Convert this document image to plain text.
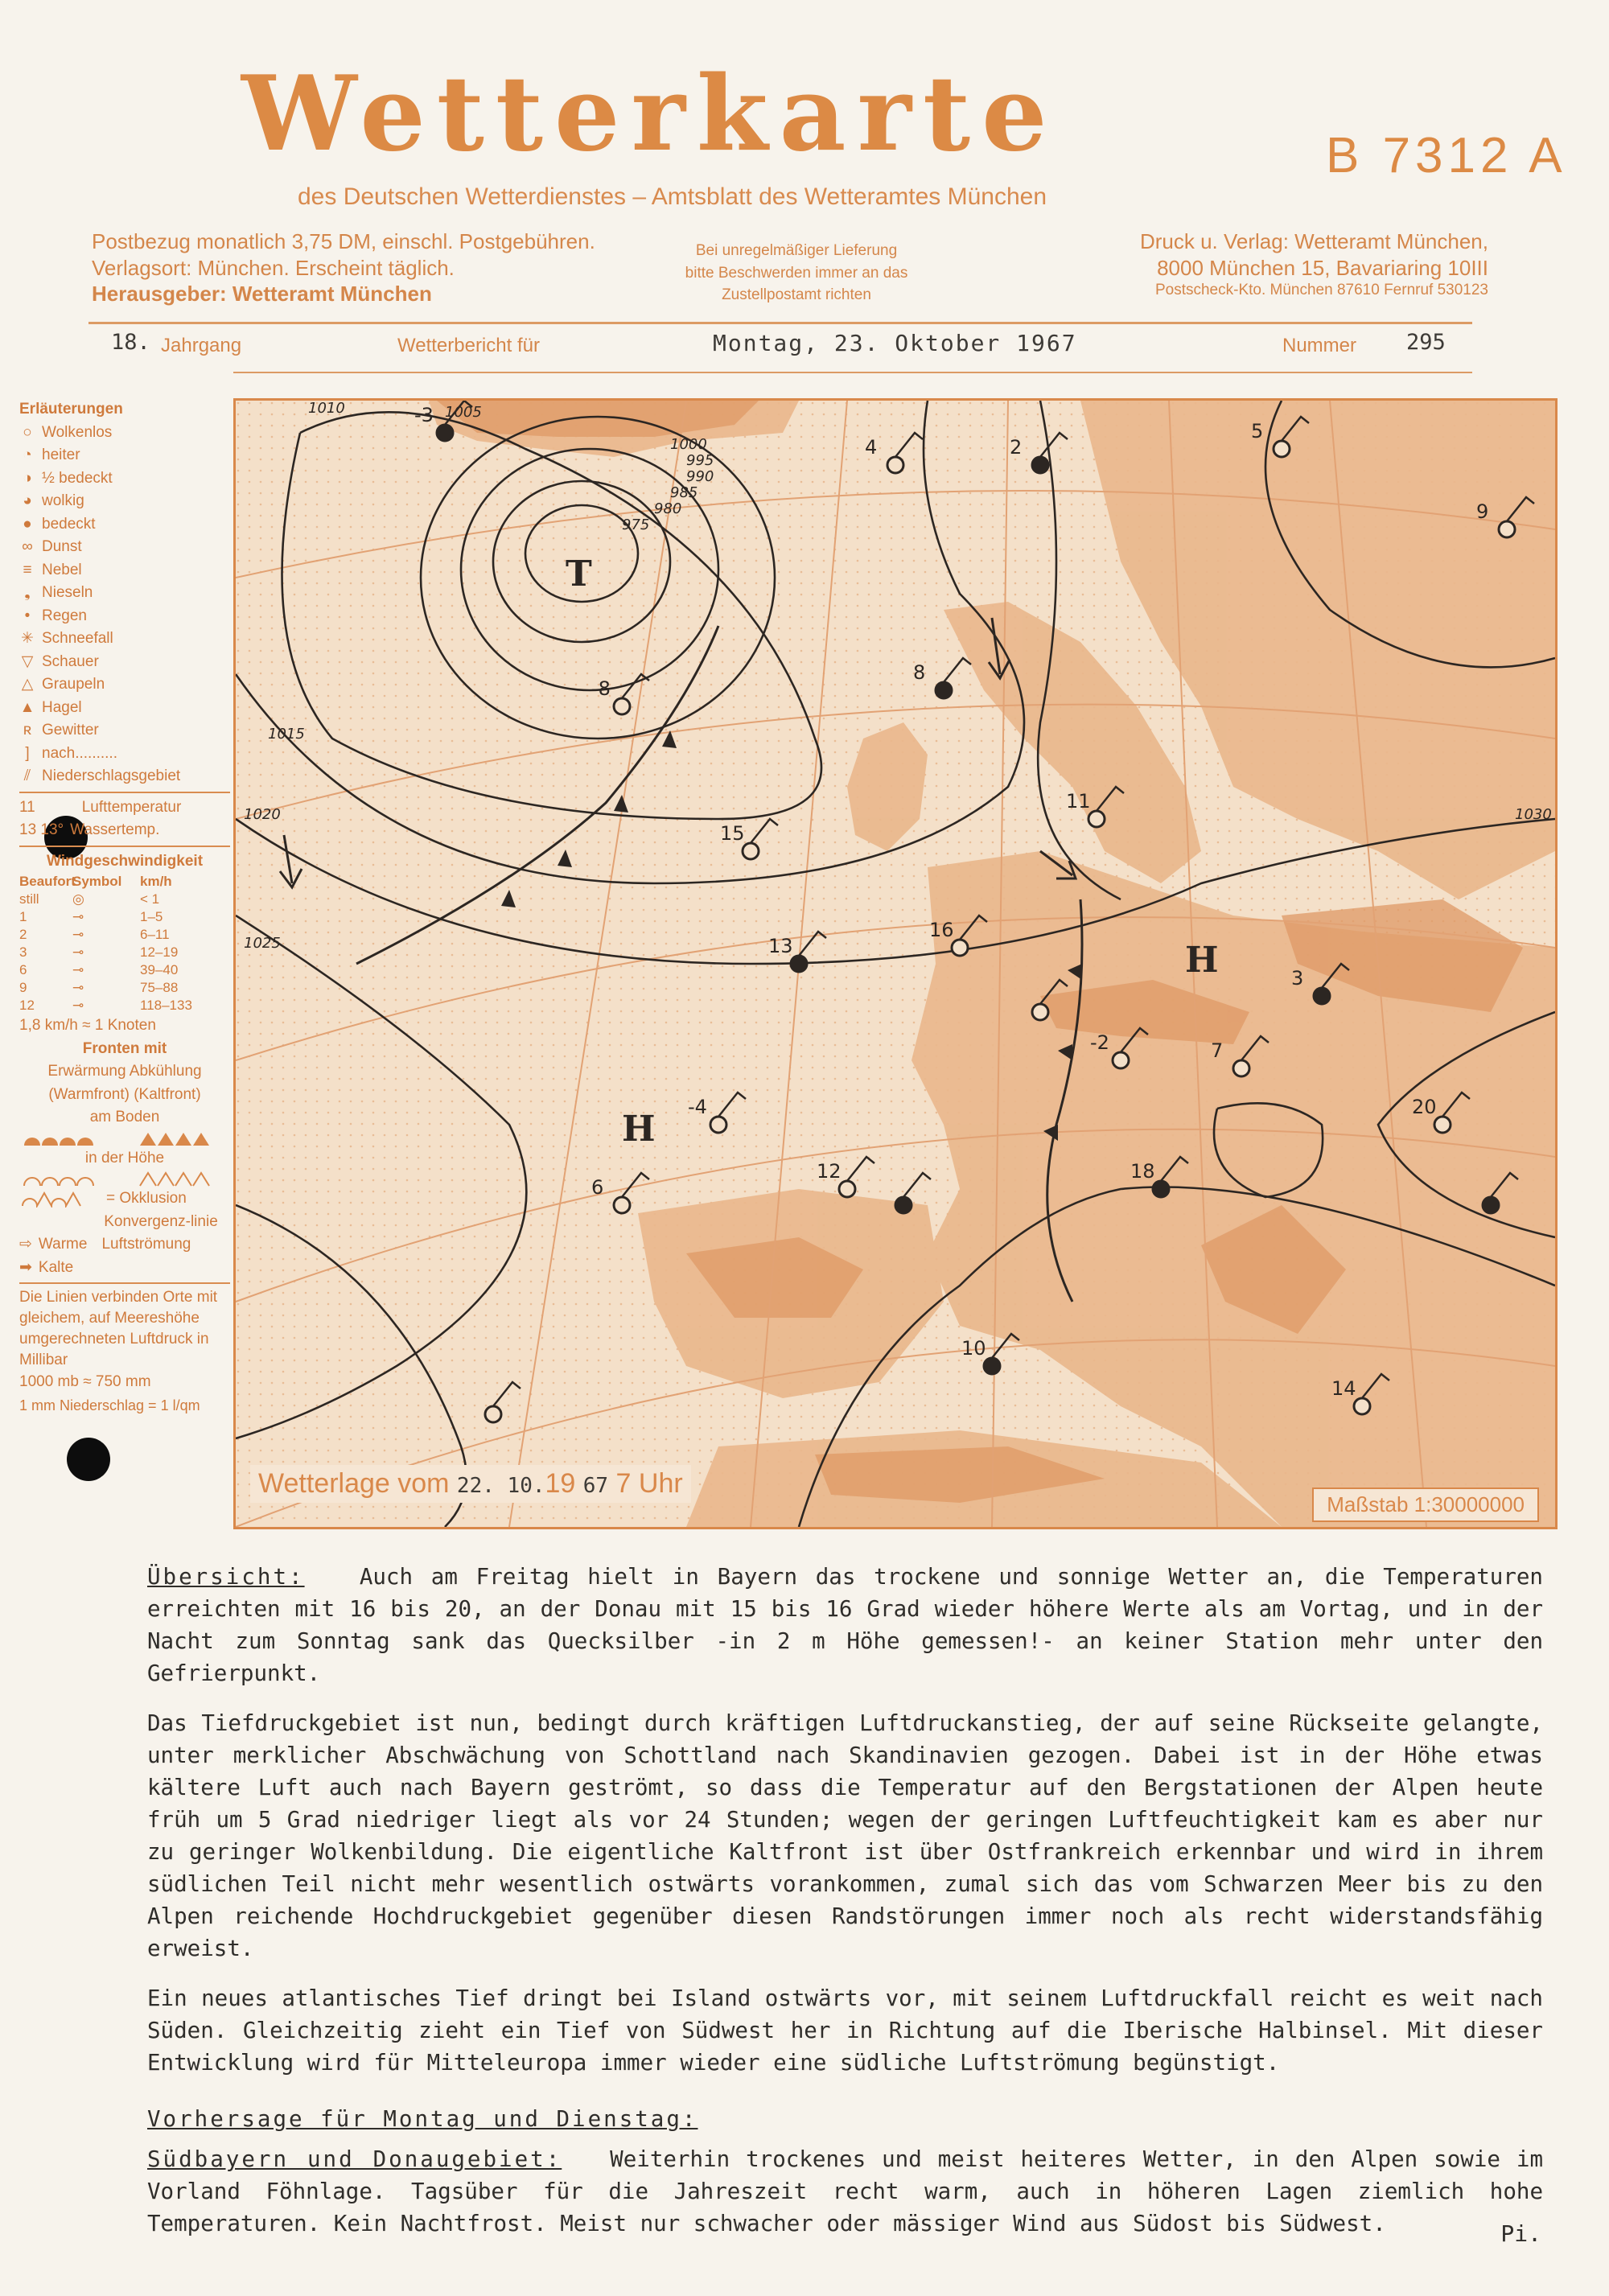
Wetterkarte	B 7312 A
des Deutschen Wetterdienstes – Amtsblatt des Wetteramtes München
Postbezug monatlich 3,75 DM, einschl. Postgebühren.
Verlagsort: München. Erscheint täglich.
Herausgeber: Wetteramt München
Bei unregelmäßiger Lieferung
bitte Beschwerden immer an das
Zustellpostamt richten
Druck u. Verlag: Wetteramt München,
8000 München 15, Bavariaring 10III
Postscheck-Kto. München 87610 Fernruf 530123
18. Jahrgang	Wetterbericht für	Montag, 23. Oktober 1967	Nummer 295
Erläuterungen
○ Wolkenlos
◔ heiter
◑ ½ bedeckt
◕ wolkig
● bedeckt
∞ Dunst
≡ Nebel
❟ Nieseln
• Regen
✳ Schneefall
▽ Schauer
△ Graupeln
▲ Hagel
ʀ Gewitter
] nach..........
⫽ Niederschlagsgebiet
11	Lufttemperatur
13 13° Wassertemp.
Windgeschwindigkeit
Beaufort
Symbol	km/h
still	◎	< 1
1	⊸	1–5
2	⊸	6–11
3	⊸	12–19
6	⊸	39–40
9	⊸	75–88
12	⊸	118–133
1,8 km/h ≈ 1 Knoten
Fronten mit
Erwärmung Abkühlung
(Warmfront) (Kaltfront)
am Boden
in der Höhe
= Okklusion
Konvergenz-linie
⇨ Warme Luftströmung
➡ Kalte
Die Linien verbinden Orte mit gleichem, auf Meereshöhe umgerechneten Luftdruck in Millibar
1000 mb ≈ 750 mm
1 mm Niederschlag = 1 l/qm
T
H
H
-3
-8
4	2
5
9
8
11
15
13
16
12	18
20
14
10
6
7
3
-2
-4
1010	1005
1000
995
990
985
980
975
1015
1020
1025
1030
Wetterlage vom 22. 10.19 67 7 Uhr
Maßstab 1:30000000

Übersicht: Auch am Freitag hielt in Bayern das trockene und sonnige Wetter an, die Temperaturen erreichten mit 16 bis 20, an der Donau mit 15 bis 16 Grad wieder höhere Werte als am Vortag, und in der Nacht zum Sonntag sank das Quecksilber -in 2 m Höhe gemessen!- an keiner Station mehr unter den Gefrierpunkt.

Das Tiefdruckgebiet ist nun, bedingt durch kräftigen Luftdruckanstieg, der auf seine Rückseite gelangte, unter merklicher Abschwächung von Schottland nach Skandinavien gezogen. Dabei ist in der Höhe etwas kältere Luft auch nach Bayern geströmt, so dass die Temperatur auf den Bergstationen der Alpen heute früh um 5 Grad niedriger liegt als vor 24 Stunden; wegen der geringen Luftfeuchtigkeit kam es aber nur zu geringer Wolkenbildung. Die eigentliche Kaltfront ist über Ostfrankreich erkennbar und wird in ihrem südlichen Teil nicht mehr wesentlich ostwärts vorankommen, zumal sich das vom Schwarzen Meer bis zu den Alpen reichende Hochdruckgebiet gegenüber diesen Randstörungen immer noch als recht widerstandsfähig erweist.

Ein neues atlantisches Tief dringt bei Island ostwärts vor, mit seinem Luftdruckfall reicht es weit nach Süden. Gleichzeitig zieht ein Tief von Südwest her in Richtung auf die Iberische Halbinsel. Mit dieser Entwicklung wird für Mitteleuropa immer wieder eine südliche Luftströmung begünstigt.

Vorhersage für Montag und Dienstag:

Südbayern und Donaugebiet: Weiterhin trockenes und meist heiteres Wetter, in den Alpen sowie im Vorland Föhnlage. Tagsüber für die Jahreszeit recht warm, auch in höheren Lagen ziemlich hohe Temperaturen. Kein Nachtfrost. Meist nur schwacher oder mässiger Wind aus Südost bis Südwest.	Pi.
